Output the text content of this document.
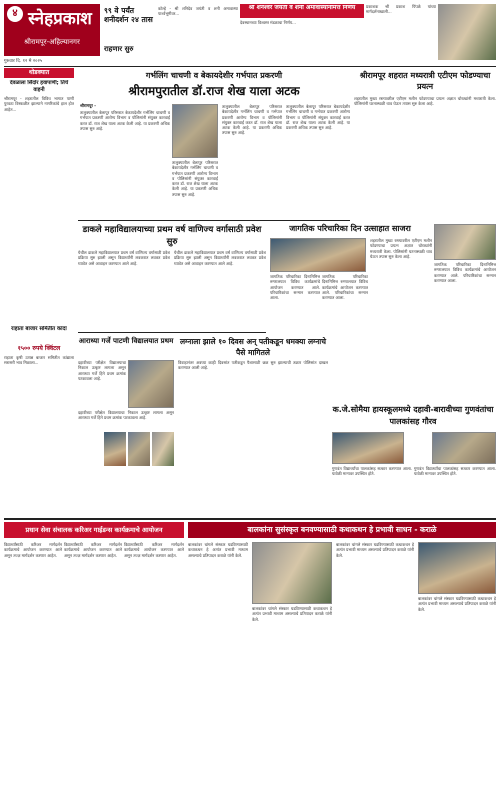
४ स्नेहप्रकाश
श्रीरामपूर-अहिल्यानगर
गुरुवार दि. १२ मे २०२५
९९ वे पर्यंत शनीदर्शन २४ तास
राहणार सुरु
कोल्हे - श्री शनिदेव जयंती व शनी अमावास्या पार्श्वभूमीवर...
श्री शनैश्वर जयंती व शनी अमावास्यनिमित्त निर्णय
देवस्थानच्या विश्वस्त मंडळाचा निर्णय...
प्रकाशक श्री प्रकाश पिंपळे यांच्या मार्गदर्शनाखाली...
थोडक्यात
देवळाला सिंदोर हवापाणी; तिचे वाहनी
श्रीरामपूर - शहरातील विविध भागात पाणी पुरवठा विस्कळीत झाल्याने नागरिकांचे हाल होत आहेत...
राहाता बाजार समितीत कांदा
१५०० रुपये क्विंटल
राहाता कृषी उत्पन्न बाजार समितीत कांद्याला सरासरी भाव मिळाला...
गर्भलिंग चाचणी व बेकायदेशीर गर्भपात प्रकरणी
श्रीरामपुरातील डॉ.राज शेख याला अटक
श्रीरामपूर -
तालुक्यातील बेलापूर परिसरात बेकायदेशीर गर्भलिंग चाचणी व गर्भपात प्रकरणी आरोग्य विभाग व पोलिसांनी संयुक्त कारवाई करत डॉ. राज शेख याला अटक केली आहे. या प्रकरणी अधिक तपास सुरु आहे.
तालुक्यातील बेलापूर परिसरात बेकायदेशीर गर्भलिंग चाचणी व गर्भपात प्रकरणी आरोग्य विभाग व पोलिसांनी संयुक्त कारवाई करत डॉ. राज शेख याला अटक केली आहे. या प्रकरणी अधिक तपास सुरु आहे.
तालुक्यातील बेलापूर परिसरात बेकायदेशीर गर्भलिंग चाचणी व गर्भपात प्रकरणी आरोग्य विभाग व पोलिसांनी संयुक्त कारवाई करत डॉ. राज शेख याला अटक केली आहे. या प्रकरणी अधिक तपास सुरु आहे.
तालुक्यातील बेलापूर परिसरात बेकायदेशीर गर्भलिंग चाचणी व गर्भपात प्रकरणी आरोग्य विभाग व पोलिसांनी संयुक्त कारवाई करत डॉ. राज शेख याला अटक केली आहे. या प्रकरणी अधिक तपास सुरु आहे.
श्रीरामपूर शहरात मध्यरात्री एटीएम फोडण्याचा प्रयत्न
शहरातील मुख्य रस्त्यावरील एटीएम मशीन फोडण्याचा प्रयत्न अज्ञात चोरट्यांनी मध्यरात्री केला. पोलिसांनी घटनास्थळी धाव घेऊन तपास सुरु केला आहे.
डाकले महाविद्यालयाच्या प्रथम वर्ष वाणिज्य वर्गासाठी प्रवेश सुरु
येथील डाकले महाविद्यालयात प्रथम वर्ष वाणिज्य वर्गासाठी प्रवेश प्रक्रिया सुरु झाली असून विद्यार्थ्यांनी लवकरात लवकर प्रवेश घ्यावेत असे आवाहन करण्यात आले आहे.
येथील डाकले महाविद्यालयात प्रथम वर्ष वाणिज्य वर्गासाठी प्रवेश प्रक्रिया सुरु झाली असून विद्यार्थ्यांनी लवकरात लवकर प्रवेश घ्यावेत असे आवाहन करण्यात आले आहे.
जागतिक परिचारिका दिन उत्साहात साजरा
जागतिक परिचारिका दिनानिमित्त रुग्णालयात विविध कार्यक्रमांचे आयोजन करण्यात आले. परिचारिकांचा सन्मान करण्यात आला.
जागतिक परिचारिका दिनानिमित्त रुग्णालयात विविध कार्यक्रमांचे आयोजन करण्यात आले. परिचारिकांचा सन्मान करण्यात आला.
जागतिक परिचारिका दिनानिमित्त रुग्णालयात विविध कार्यक्रमांचे आयोजन करण्यात आले. परिचारिकांचा सन्मान करण्यात आला.
शहरातील मुख्य रस्त्यावरील एटीएम मशीन फोडण्याचा प्रयत्न अज्ञात चोरट्यांनी मध्यरात्री केला. पोलिसांनी घटनास्थळी धाव घेऊन तपास सुरु केला आहे.
आराध्या गर्जे पाटणी विद्यालयात प्रथम
दहावीच्या परीक्षेत विद्यालयाचा निकाल उत्कृष्ट लागला असून आराध्या गर्जे हिने प्रथम क्रमांक पटकावला आहे.
दहावीच्या परीक्षेत विद्यालयाचा निकाल उत्कृष्ट लागला असून आराध्या गर्जे हिने प्रथम क्रमांक पटकावला आहे.
लग्नाला झाले १० दिवस अन् पतीकडून धमक्या लग्नाचे पैसे मागितले
विवाहानंतर अवघ्या काही दिवसांत पतीकडून पैशासाठी छळ सुरु झाल्याची तक्रार पोलिसांत दाखल करण्यात आली आहे.
क.जे.सोमैया हायस्कूलमध्ये दहावी-बारावीच्या गुणवंतांचा पालकांसह गौरव
गुणवंत विद्यार्थ्यांचा पालकांसह सत्कार करण्यात आला. यावेळी मान्यवर उपस्थित होते.
गुणवंत विद्यार्थ्यांचा पालकांसह सत्कार करण्यात आला. यावेळी मान्यवर उपस्थित होते.
प्रधान सेवा संचालक करिअर गाईडन्स कार्यक्रमाचे आयोजन
विद्यार्थ्यांसाठी करिअर मार्गदर्शन कार्यक्रमाचे आयोजन करण्यात आले असून तज्ज्ञ मार्गदर्शन करणार आहेत.
विद्यार्थ्यांसाठी करिअर मार्गदर्शन कार्यक्रमाचे आयोजन करण्यात आले असून तज्ज्ञ मार्गदर्शन करणार आहेत.
विद्यार्थ्यांसाठी करिअर मार्गदर्शन कार्यक्रमाचे आयोजन करण्यात आले असून तज्ज्ञ मार्गदर्शन करणार आहेत.
बालकांना सुसंस्कृत बनवण्यासाठी कथाकथन हे प्रभावी साधन - कराळे
बालकांवर चांगले संस्कार घडविण्यासाठी कथाकथन हे अत्यंत प्रभावी माध्यम असल्याचे प्रतिपादन कराळे यांनी केले.
बालकांवर चांगले संस्कार घडविण्यासाठी कथाकथन हे अत्यंत प्रभावी माध्यम असल्याचे प्रतिपादन कराळे यांनी केले.
बालकांवर चांगले संस्कार घडविण्यासाठी कथाकथन हे अत्यंत प्रभावी माध्यम असल्याचे प्रतिपादन कराळे यांनी केले.
बालकांवर चांगले संस्कार घडविण्यासाठी कथाकथन हे अत्यंत प्रभावी माध्यम असल्याचे प्रतिपादन कराळे यांनी केले.
